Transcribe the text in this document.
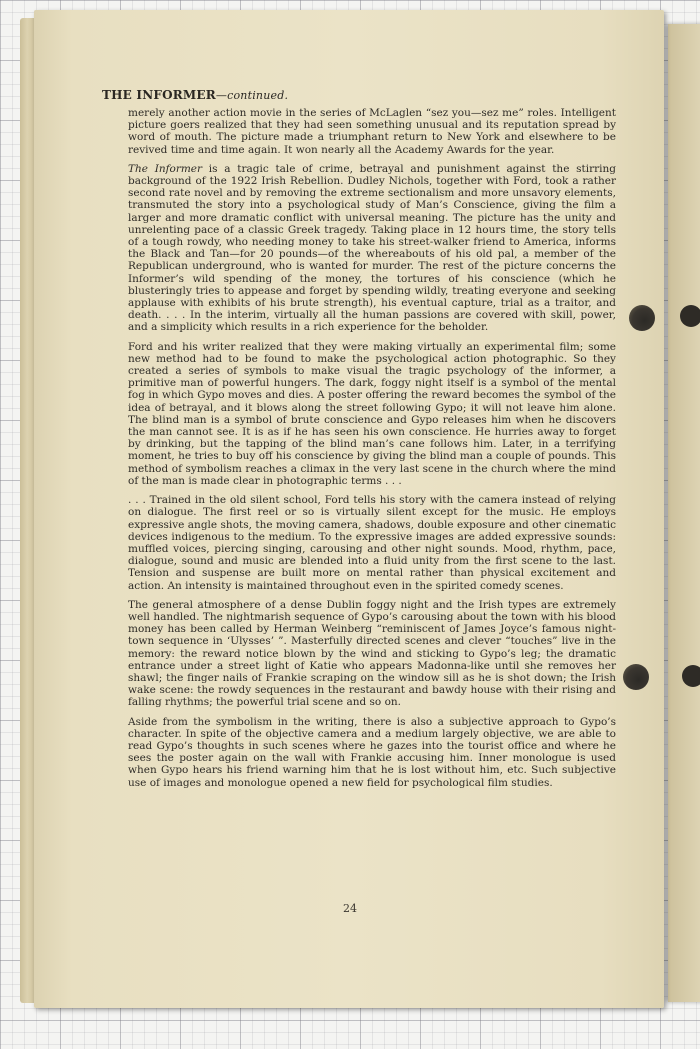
THE INFORMER—continued.

merely another action movie in the series of McLaglen “sez you—sez me” roles. Intelligent picture goers realized that they had seen something unusual and its reputation spread by word of mouth. The picture made a triumphant return to New York and elsewhere to be revived time and time again. It won nearly all the Academy Awards for the year.

The Informer is a tragic tale of crime, betrayal and punishment against the stirring background of the 1922 Irish Rebellion. Dudley Nichols, together with Ford, took a rather second rate novel and by removing the extreme sectionalism and more unsavory elements, transmuted the story into a psychological study of Man’s Conscience, giving the film a larger and more dramatic conflict with universal meaning. The picture has the unity and unrelenting pace of a classic Greek tragedy. Taking place in 12 hours time, the story tells of a tough rowdy, who needing money to take his street-walker friend to America, informs the Black and Tan—for 20 pounds—of the whereabouts of his old pal, a member of the Republican underground, who is wanted for murder. The rest of the picture concerns the Informer’s wild spending of the money, the tortures of his conscience (which he blusteringly tries to appease and forget by spending wildly, treating everyone and seeking applause with exhibits of his brute strength), his eventual capture, trial as a traitor, and death. . . . In the interim, virtually all the human passions are covered with skill, power, and a simplicity which results in a rich experience for the beholder.

Ford and his writer realized that they were making virtually an experimental film; some new method had to be found to make the psychological action photographic. So they created a series of symbols to make visual the tragic psychology of the informer, a primitive man of powerful hungers. The dark, foggy night itself is a symbol of the mental fog in which Gypo moves and dies. A poster offering the reward becomes the symbol of the idea of betrayal, and it blows along the street following Gypo; it will not leave him alone. The blind man is a symbol of brute conscience and Gypo releases him when he discovers the man cannot see. It is as if he has seen his own conscience. He hurries away to forget by drinking, but the tapping of the blind man’s cane follows him. Later, in a terrifying moment, he tries to buy off his conscience by giving the blind man a couple of pounds. This method of symbolism reaches a climax in the very last scene in the church where the mind of the man is made clear in photographic terms . . .

. . . Trained in the old silent school, Ford tells his story with the camera instead of relying on dialogue. The first reel or so is virtually silent except for the music. He employs expressive angle shots, the moving camera, shadows, double exposure and other cinematic devices indigenous to the medium. To the expressive images are added expressive sounds: muffled voices, piercing singing, carousing and other night sounds. Mood, rhythm, pace, dialogue, sound and music are blended into a fluid unity from the first scene to the last. Tension and suspense are built more on mental rather than physical excitement and action. An intensity is maintained throughout even in the spirited comedy scenes.

The general atmosphere of a dense Dublin foggy night and the Irish types are extremely well handled. The nightmarish sequence of Gypo’s carousing about the town with his blood money has been called by Herman Weinberg “reminiscent of James Joyce’s famous night-town sequence in ‘Ulysses’ ”. Masterfully directed scenes and clever “touches” live in the memory: the reward notice blown by the wind and sticking to Gypo’s leg; the dramatic entrance under a street light of Katie who appears Madonna-like until she removes her shawl; the finger nails of Frankie scraping on the window sill as he is shot down; the Irish wake scene: the rowdy sequences in the restaurant and bawdy house with their rising and falling rhythms; the powerful trial scene and so on.

Aside from the symbolism in the writing, there is also a subjective approach to Gypo’s character. In spite of the objective camera and a medium largely objective, we are able to read Gypo’s thoughts in such scenes where he gazes into the tourist office and where he sees the poster again on the wall with Frankie accusing him. Inner monologue is used when Gypo hears his friend warning him that he is lost without him, etc. Such subjective use of images and monologue opened a new field for psychological film studies.

24
